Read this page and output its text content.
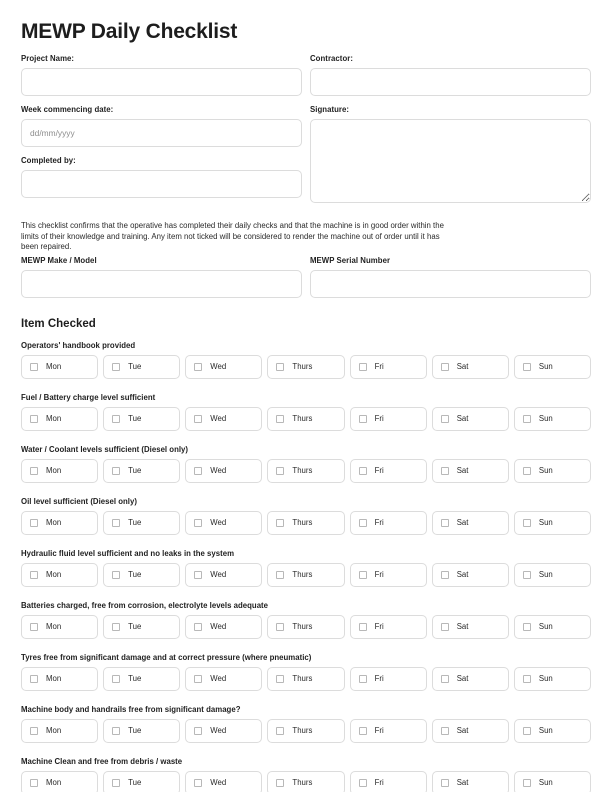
MEWP Daily Checklist
Project Name:
Week commencing date:
dd/mm/yyyy
Completed by:
Contractor:
Signature:

This checklist confirms that the operative has completed their daily checks and that the machine is in good order within the limits of their knowledge and training. Any item not ticked will be considered to render the machine out of order until it has been repaired.

MEWP Make / Model	MEWP Serial Number
Item Checked
Operators' handbook provided
Mon	Tue	Wed	Thurs	Fri	Sat	Sun
Fuel / Battery charge level sufficient
Mon	Tue	Wed	Thurs	Fri	Sat	Sun
Water / Coolant levels sufficient (Diesel only)
Mon	Tue	Wed	Thurs	Fri	Sat	Sun
Oil level sufficient (Diesel only)
Mon	Tue	Wed	Thurs	Fri	Sat	Sun
Hydraulic fluid level sufficient and no leaks in the system
Mon	Tue	Wed	Thurs	Fri	Sat	Sun
Batteries charged, free from corrosion, electrolyte levels adequate
Mon	Tue	Wed	Thurs	Fri	Sat	Sun
Tyres free from significant damage and at correct pressure (where pneumatic)
Mon	Tue	Wed	Thurs	Fri	Sat	Sun
Machine body and handrails free from significant damage?
Mon	Tue	Wed	Thurs	Fri	Sat	Sun
Machine Clean and free from debris / waste
Mon	Tue	Wed	Thurs	Fri	Sat	Sun
